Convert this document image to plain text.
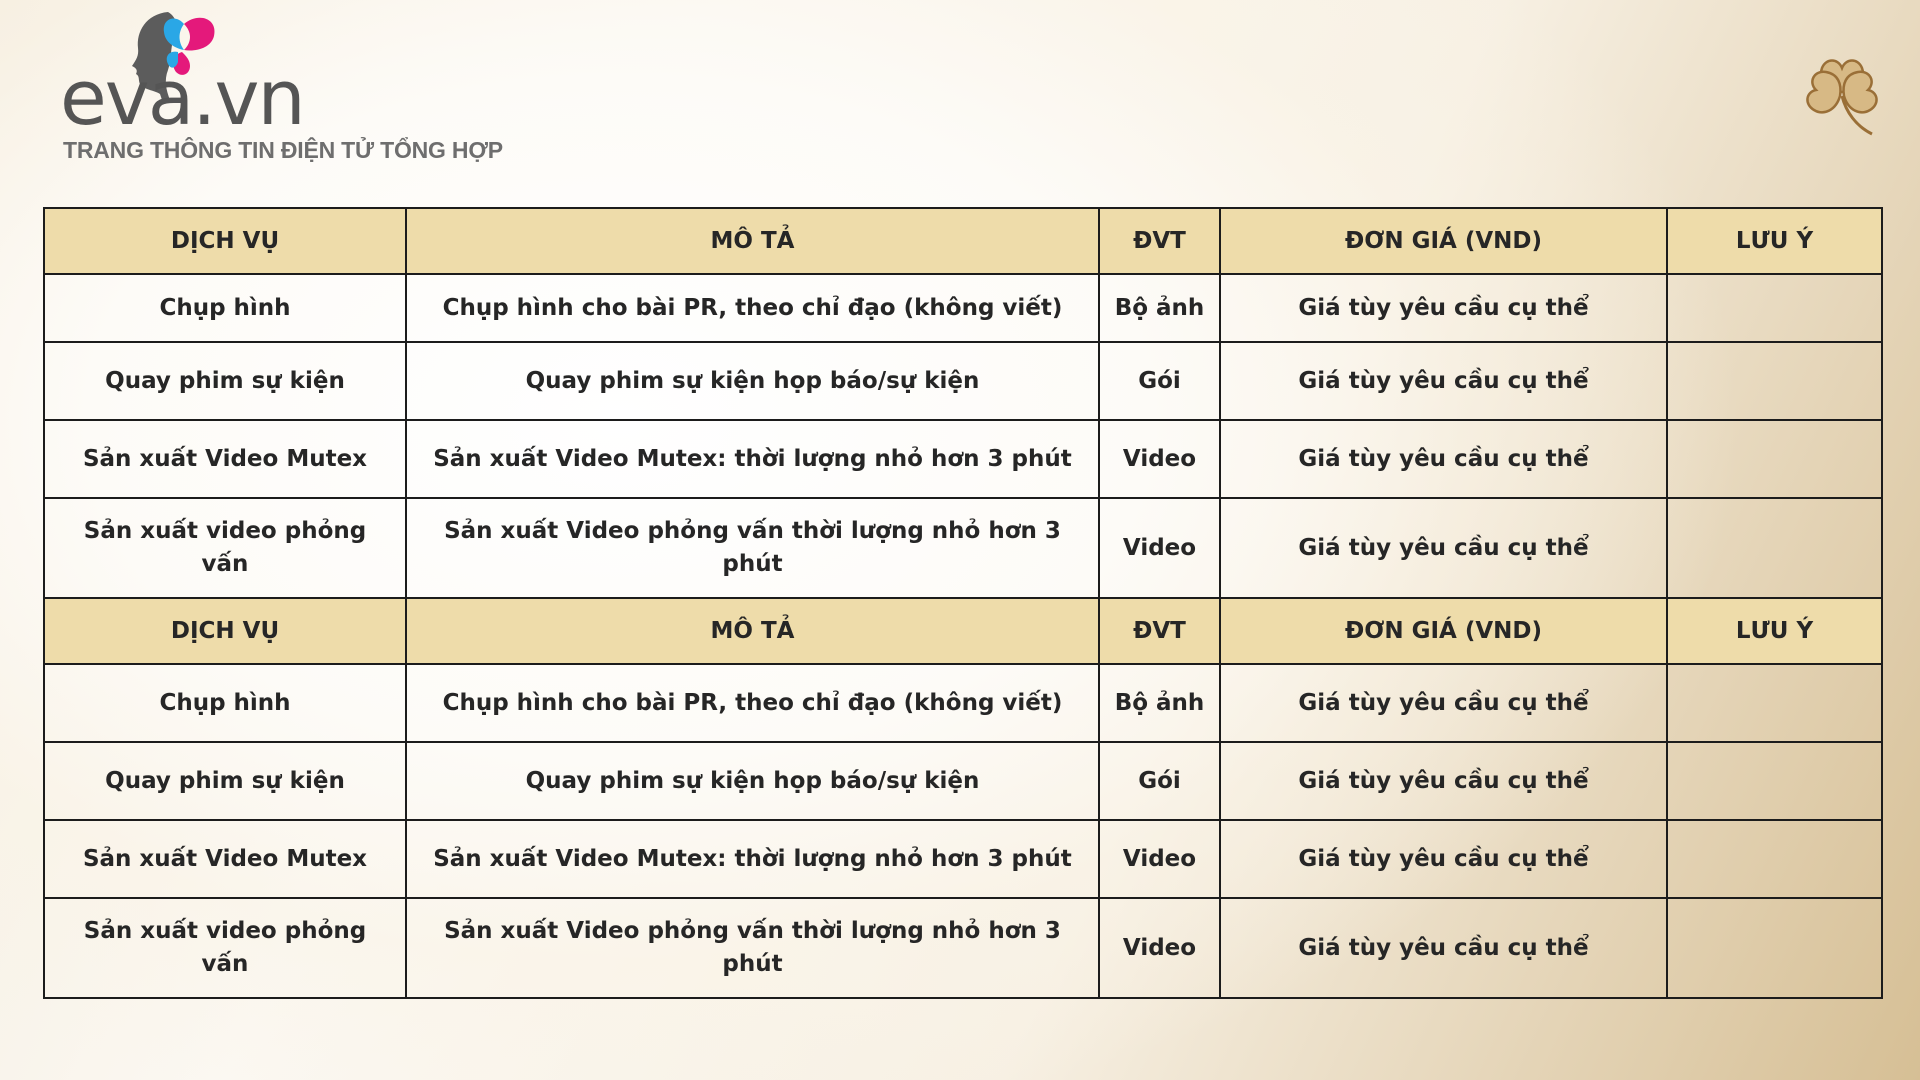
eva.vn
TRANG THÔNG TIN ĐIỆN TỬ TỔNG HỢP
DỊCH VỤ	MÔ TẢ	ĐVT	ĐƠN GIÁ (VND)	LƯU Ý
Chụp hình	Chụp hình cho bài PR, theo chỉ đạo (không viết)	Bộ ảnh	Giá tùy yêu cầu cụ thể	
Quay phim sự kiện	Quay phim sự kiện họp báo/sự kiện	Gói	Giá tùy yêu cầu cụ thể	
Sản xuất Video Mutex	Sản xuất Video Mutex: thời lượng nhỏ hơn 3 phút	Video	Giá tùy yêu cầu cụ thể	
Sản xuất video phỏng vấn	Sản xuất Video phỏng vấn thời lượng nhỏ hơn 3 phút	Video	Giá tùy yêu cầu cụ thể	
DỊCH VỤ	MÔ TẢ	ĐVT	ĐƠN GIÁ (VND)	LƯU Ý
Chụp hình	Chụp hình cho bài PR, theo chỉ đạo (không viết)	Bộ ảnh	Giá tùy yêu cầu cụ thể	
Quay phim sự kiện	Quay phim sự kiện họp báo/sự kiện	Gói	Giá tùy yêu cầu cụ thể	
Sản xuất Video Mutex	Sản xuất Video Mutex: thời lượng nhỏ hơn 3 phút	Video	Giá tùy yêu cầu cụ thể	
Sản xuất video phỏng vấn	Sản xuất Video phỏng vấn thời lượng nhỏ hơn 3 phút	Video	Giá tùy yêu cầu cụ thể	
